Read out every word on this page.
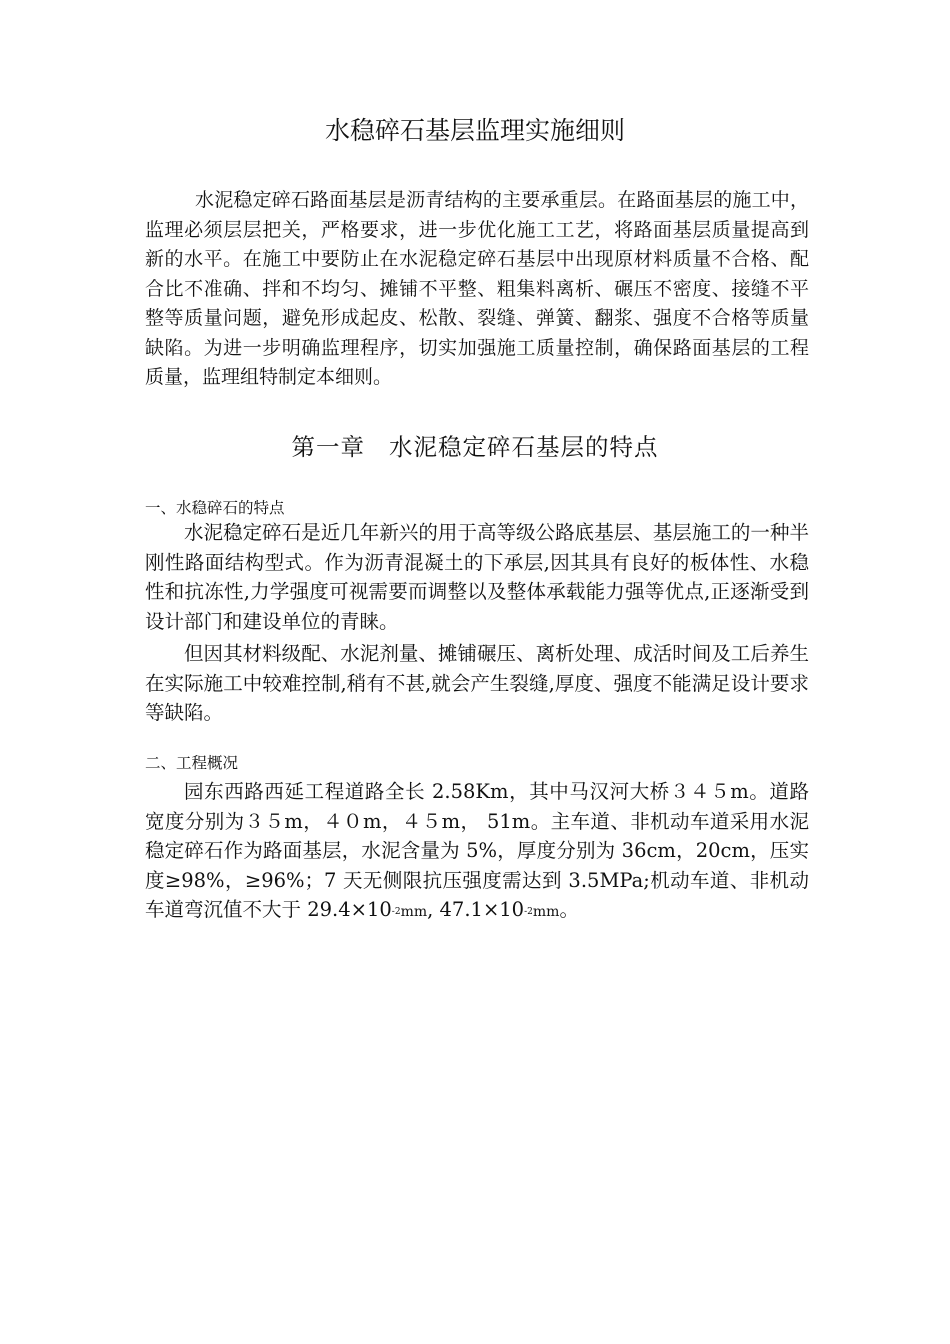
水稳碎石基层监理实施细则

水泥稳定碎石路面基层是沥青结构的主要承重层。在路面基层的施工中，监理必须层层把关，严格要求，进一步优化施工工艺，将路面基层质量提高到新的水平。在施工中要防止在水泥稳定碎石基层中出现原材料质量不合格、配合比不准确、拌和不均匀、摊铺不平整、粗集料离析、碾压不密度、接缝不平整等质量问题，避免形成起皮、松散、裂缝、弹簧、翻浆、强度不合格等质量缺陷。为进一步明确监理程序，切实加强施工质量控制，确保路面基层的工程质量，监理组特制定本细则。

第一章 水泥稳定碎石基层的特点
一、水稳碎石的特点

水泥稳定碎石是近几年新兴的用于高等级公路底基层、基层施工的一种半刚性路面结构型式。作为沥青混凝土的下承层,因其具有良好的板体性、水稳性和抗冻性,力学强度可视需要而调整以及整体承载能力强等优点,正逐渐受到设计部门和建设单位的青睐。

但因其材料级配、水泥剂量、摊铺碾压、离析处理、成活时间及工后养生在实际施工中较难控制,稍有不甚,就会产生裂缝,厚度、强度不能满足设计要求等缺陷。

二、工程概况

园东西路西延工程道路全长 2.58Km，其中马汉河大桥３４５m。道路宽度分别为３５m，４０m，４５m， 51m。主车道、非机动车道采用水泥稳定碎石作为路面基层，水泥含量为 5%，厚度分别为 36cm，20cm，压实度≥98%，≥96%；7 天无侧限抗压强度需达到 3.5MPa;机动车道、非机动车道弯沉值不大于 29.4×10-2mm, 47.1×10-2mm。
